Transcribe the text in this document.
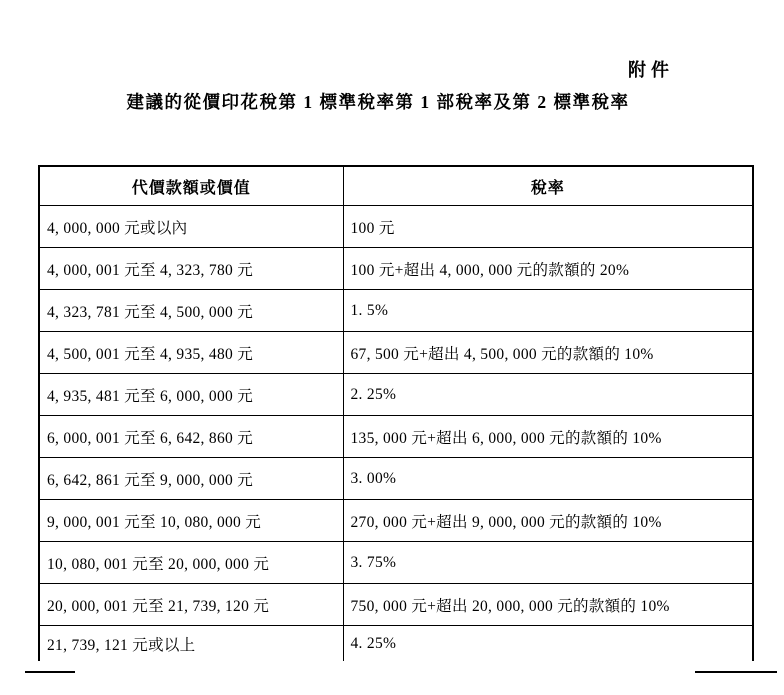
附件
建議的從價印花稅第 1 標準稅率第 1 部稅率及第 2 標準稅率
代價款額或價值	稅率
4, 000, 000 元或以內	100 元
4, 000, 001 元至 4, 323, 780 元	100 元+超出 4, 000, 000 元的款額的 20%
4, 323, 781 元至 4, 500, 000 元	1. 5%
4, 500, 001 元至 4, 935, 480 元	67, 500 元+超出 4, 500, 000 元的款額的 10%
4, 935, 481 元至 6, 000, 000 元	2. 25%
6, 000, 001 元至 6, 642, 860 元	135, 000 元+超出 6, 000, 000 元的款額的 10%
6, 642, 861 元至 9, 000, 000 元	3. 00%
9, 000, 001 元至 10, 080, 000 元	270, 000 元+超出 9, 000, 000 元的款額的 10%
10, 080, 001 元至 20, 000, 000 元	3. 75%
20, 000, 001 元至 21, 739, 120 元	750, 000 元+超出 20, 000, 000 元的款額的 10%
21, 739, 121 元或以上	4. 25%
